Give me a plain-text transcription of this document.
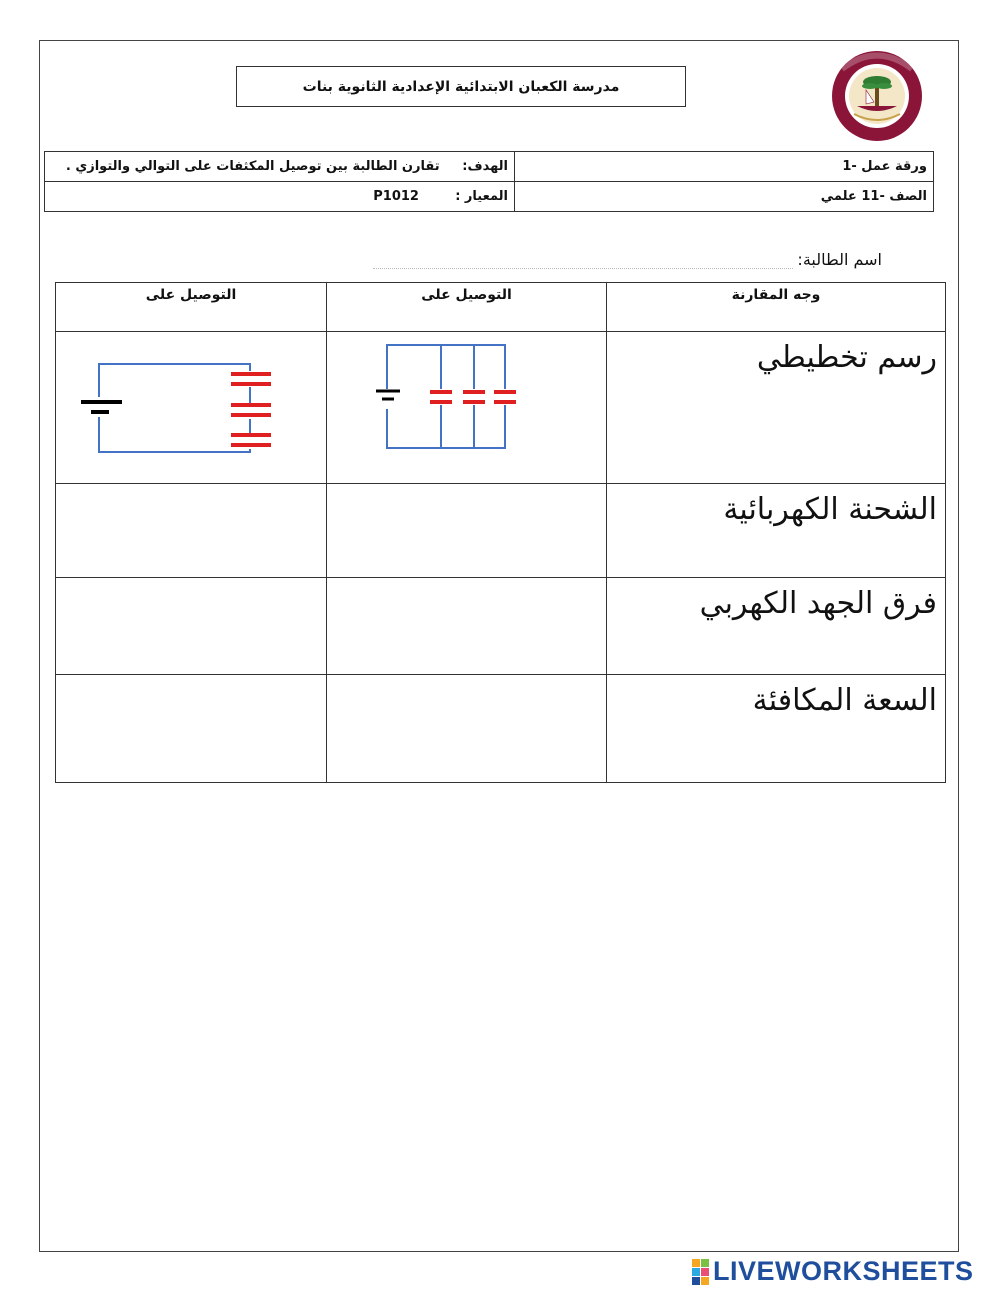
مدرسة الكعبان الابتدائية الإعدادية الثانوية بنات
ورقة عمل -1	الهدف:     تقارن الطالبة بين توصيل المكثفات على التوالي والتوازي .
الصف -11 علمي	المعيار :        P1012
اسم الطالبة:
وجه المقارنة	التوصيل على	التوصيل على
رسم تخطيطي	

الشحنة الكهربائية		
فرق الجهد الكهربي		
السعة المكافئة		
LIVEWORKSHEETS
